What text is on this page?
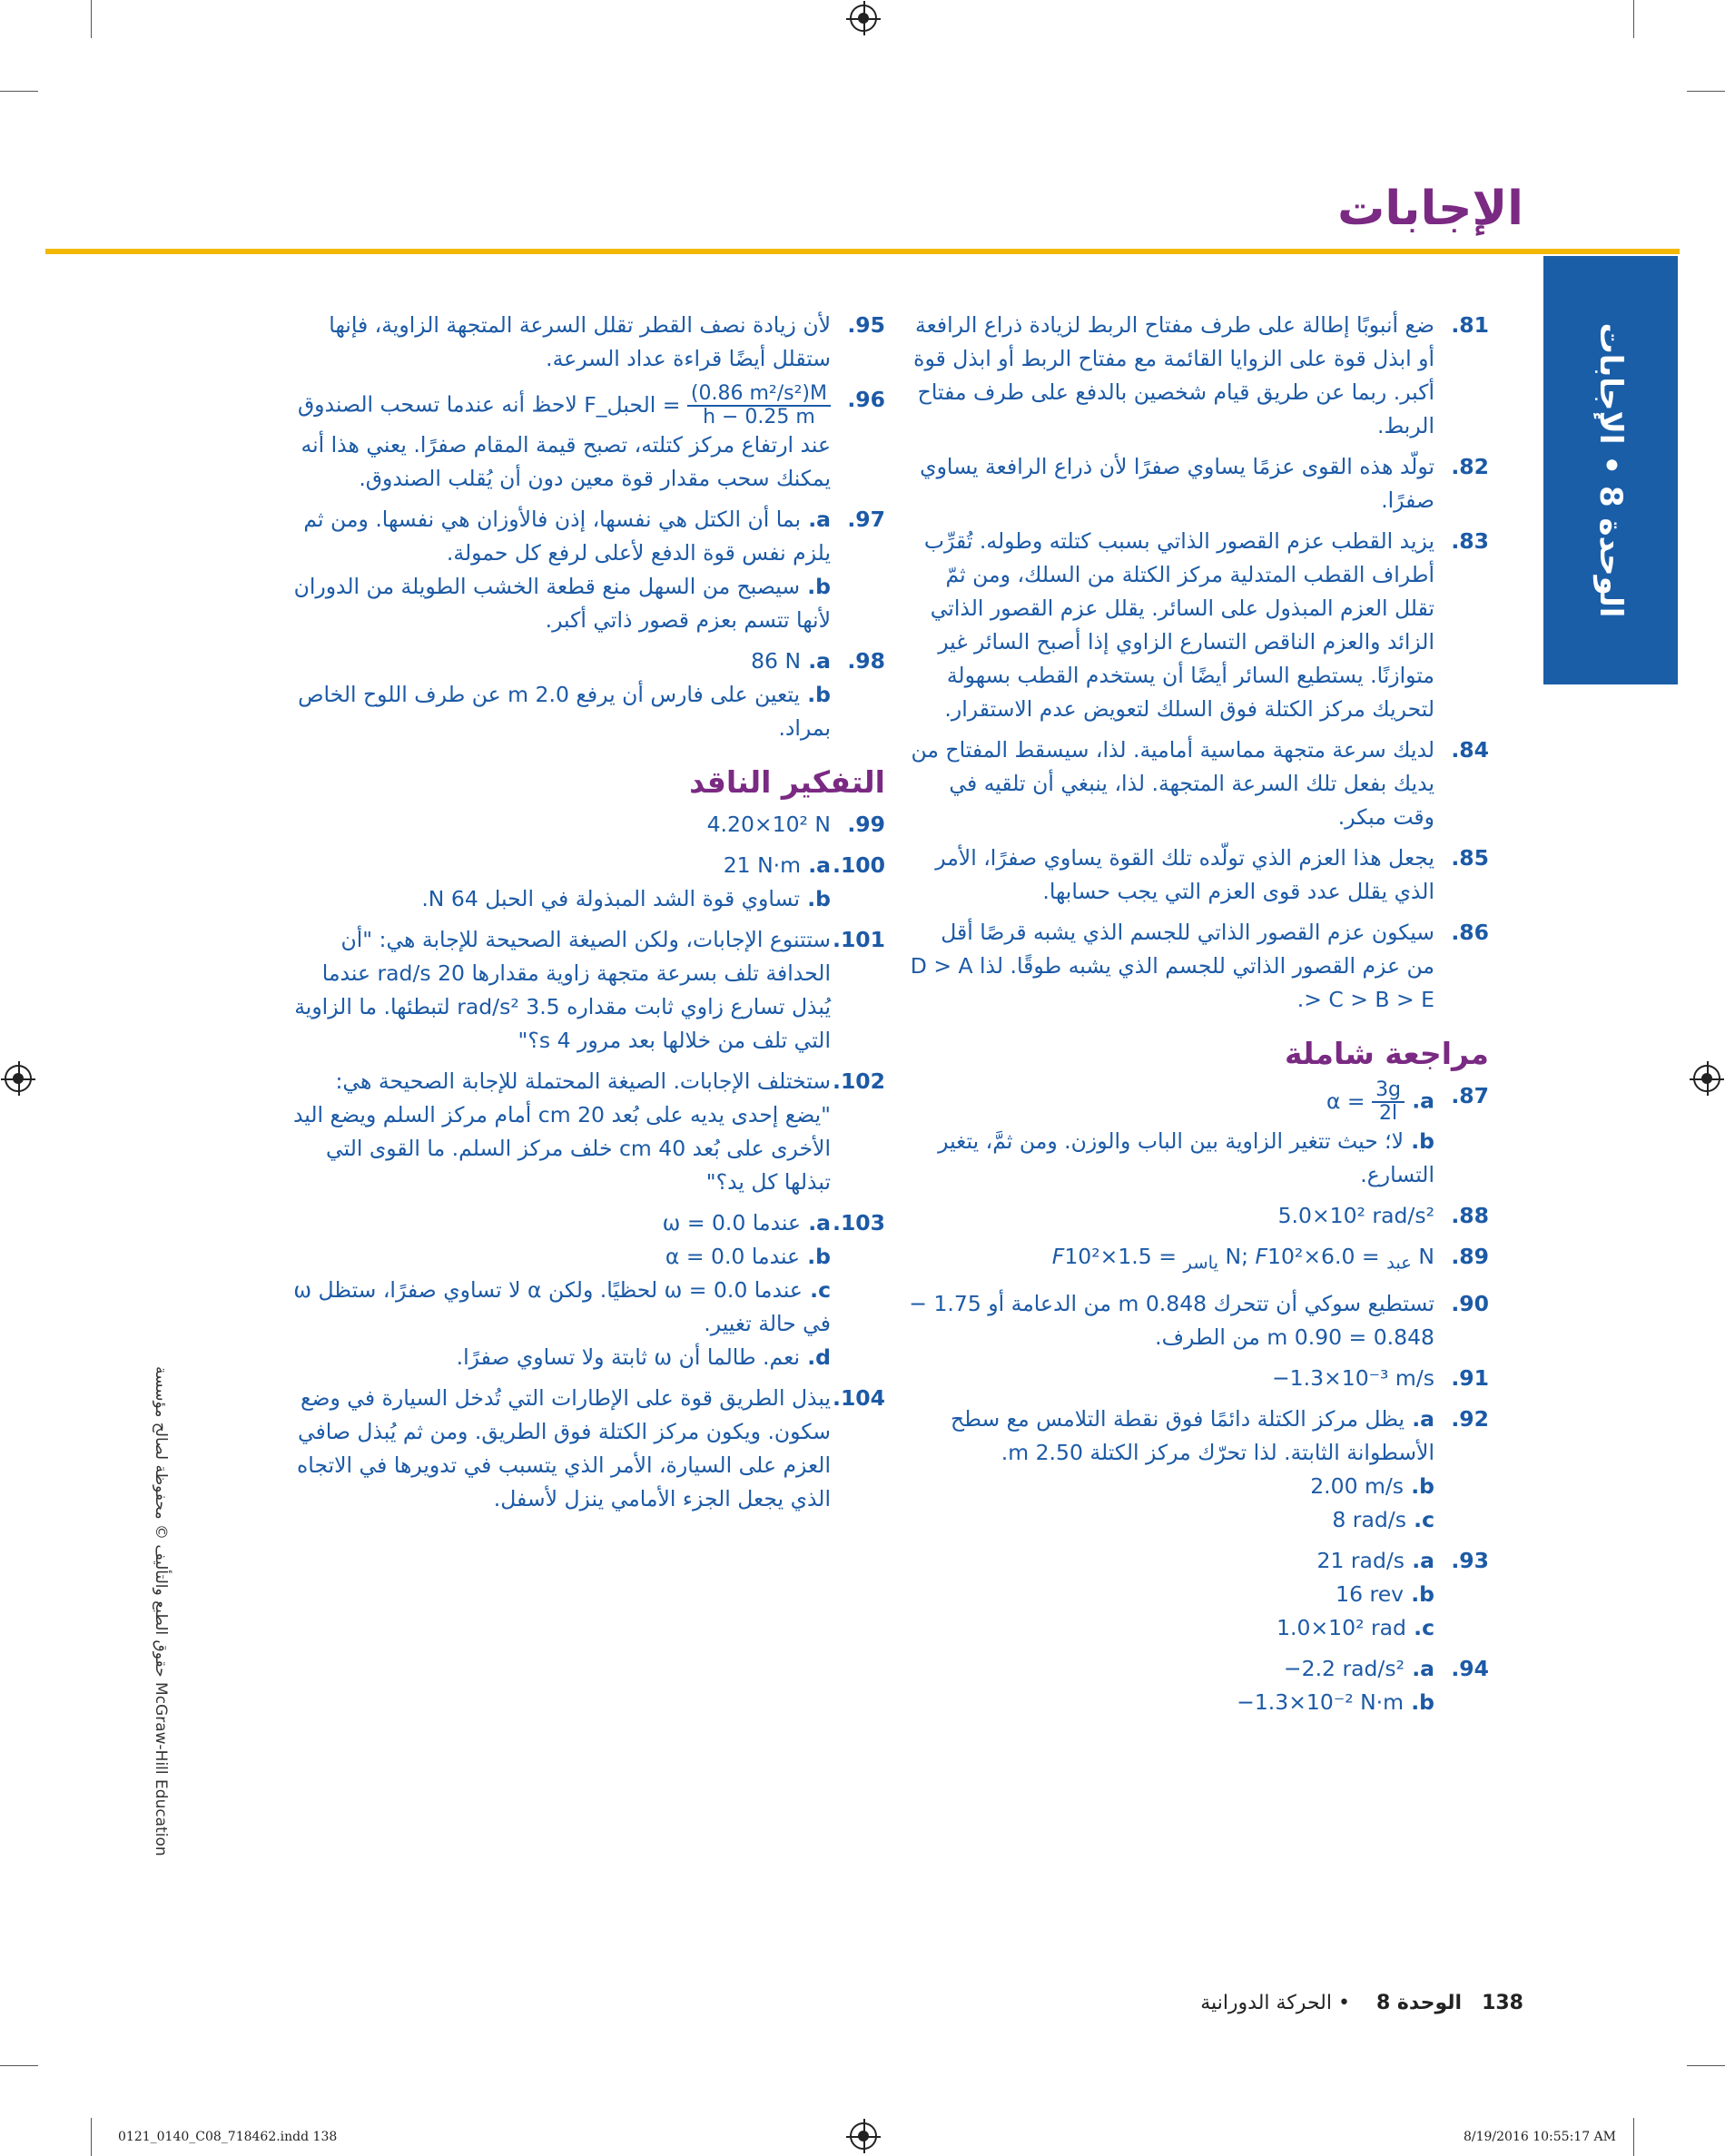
الإجابات
الوحدة 8 • الإجابات
81.
ضع أنبوبًا إطالة على طرف مفتاح الربط لزيادة ذراع الرافعة أو ابذل قوة على الزوايا القائمة مع مفتاح الربط أو ابذل قوة أكبر. ربما عن طريق قيام شخصين بالدفع على طرف مفتاح الربط.
82.
تولّد هذه القوى عزمًا يساوي صفرًا لأن ذراع الرافعة يساوي صفرًا.
83.
يزيد القطب عزم القصور الذاتي بسبب كتلته وطوله. تُقرِّب أطراف القطب المتدلية مركز الكتلة من السلك، ومن ثمّ تقلل العزم المبذول على السائر. يقلل عزم القصور الذاتي الزائد والعزم الناقص التسارع الزاوي إذا أصبح السائر غير متوازنًا. يستطيع السائر أيضًا أن يستخدم القطب بسهولة لتحريك مركز الكتلة فوق السلك لتعويض عدم الاستقرار.
84.
لديك سرعة متجهة مماسية أمامية. لذا، سيسقط المفتاح من يديك بفعل تلك السرعة المتجهة. لذا، ينبغي أن تلقيه في وقت مبكر.
85.
يجعل هذا العزم الذي تولّده تلك القوة يساوي صفرًا، الأمر الذي يقلل عدد قوى العزم التي يجب حسابها.
86.
سيكون عزم القصور الذاتي للجسم الذي يشبه قرصًا أقل من عزم القصور الذاتي للجسم الذي يشبه طوقًا. لذا D > A > C > B > E.
مراجعة شاملة
87.
a. $\alpha = \frac{3g}{2l}$
b. لا؛ حيث تتغير الزاوية بين الباب والوزن. ومن ثمَّ، يتغير التسارع.
88.
5.0×10² rad/s²
89.
F	$_{ياسر}$ = 1.5×10² N; F	$_{عبد}$ = 6.0×10² N
90.
تستطيع سوكي أن تتحرك 0.848 m من الدعامة أو 1.75 − 0.848 = 0.90 m من الطرف.
91.
−1.3×10⁻³ m/s
92.
a. يظل مركز الكتلة دائمًا فوق نقطة التلامس مع سطح الأسطوانة الثابتة. لذا تحرّك مركز الكتلة 2.50 m.
b. 2.00 m/s
c. 8 rad/s
93.
a. 21 rad/s
b. 16 rev
c. 1.0×10² rad
94.
a. −2.2 rad/s²
b. −1.3×10⁻² N·m
95.
لأن زيادة نصف القطر تقلل السرعة المتجهة الزاوية، فإنها ستقلل أيضًا قراءة عداد السرعة.
96.
F_الحبل = $\frac{\text{(0.86 m²/s²)M}}{h - 0.25 m}$
لاحظ أنه عندما تسحب الصندوق عند ارتفاع مركز كتلته، تصبح قيمة المقام صفرًا. يعني هذا أنه يمكنك سحب مقدار قوة معين دون أن يُقلب الصندوق.
97.
a. بما أن الكتل هي نفسها، إذن فالأوزان هي نفسها. ومن ثم يلزم نفس قوة الدفع لأعلى لرفع كل حمولة.
b. سيصبح من السهل منع قطعة الخشب الطويلة من الدوران لأنها تتسم بعزم قصور ذاتي أكبر.
98.
a. 86 N
b. يتعين على فارس أن يرفع 2.0 m عن طرف اللوح الخاص بمراد.
التفكير الناقد
99.
4.20×10² N
100.
a. 21 N·m
b. تساوي قوة الشد المبذولة في الحبل 64 N.
101.
ستتنوع الإجابات، ولكن الصيغة الصحيحة للإجابة هي: "أن الحدافة تلف بسرعة متجهة زاوية مقدارها 20 rad/s عندما يُبذل تسارع زاوي ثابت مقداره 3.5 rad/s² لتبطئها. ما الزاوية التي تلف من خلالها بعد مرور 4 s؟"
102.
ستختلف الإجابات. الصيغة المحتملة للإجابة الصحيحة هي: "يضع إحدى يديه على بُعد 20 cm أمام مركز السلم ويضع اليد الأخرى على بُعد 40 cm خلف مركز السلم. ما القوى التي تبذلها كل يد؟"
103.
a. عندما ω = 0.0
b. عندما α = 0.0
c. عندما ω = 0.0 لحظيًا. ولكن α لا تساوي صفرًا، ستظل ω في حالة تغيير.
d. نعم. طالما أن ω ثابتة ولا تساوي صفرًا.
104.
يبذل الطريق قوة على الإطارات التي تُدخل السيارة في وضع سكون. ويكون مركز الكتلة فوق الطريق. ومن ثم يُبذل صافي العزم على السيارة، الأمر الذي يتسبب في تدويرها في الاتجاه الذي يجعل الجزء الأمامي ينزل لأسفل.
138الوحدة 8 • الحركة الدورانية
حقوق الطبع والتأليف © محفوظة لصالح مؤسسة McGraw-Hill Education
0121_0140_C08_718462.indd 138	8/19/2016 10:55:17 AM
